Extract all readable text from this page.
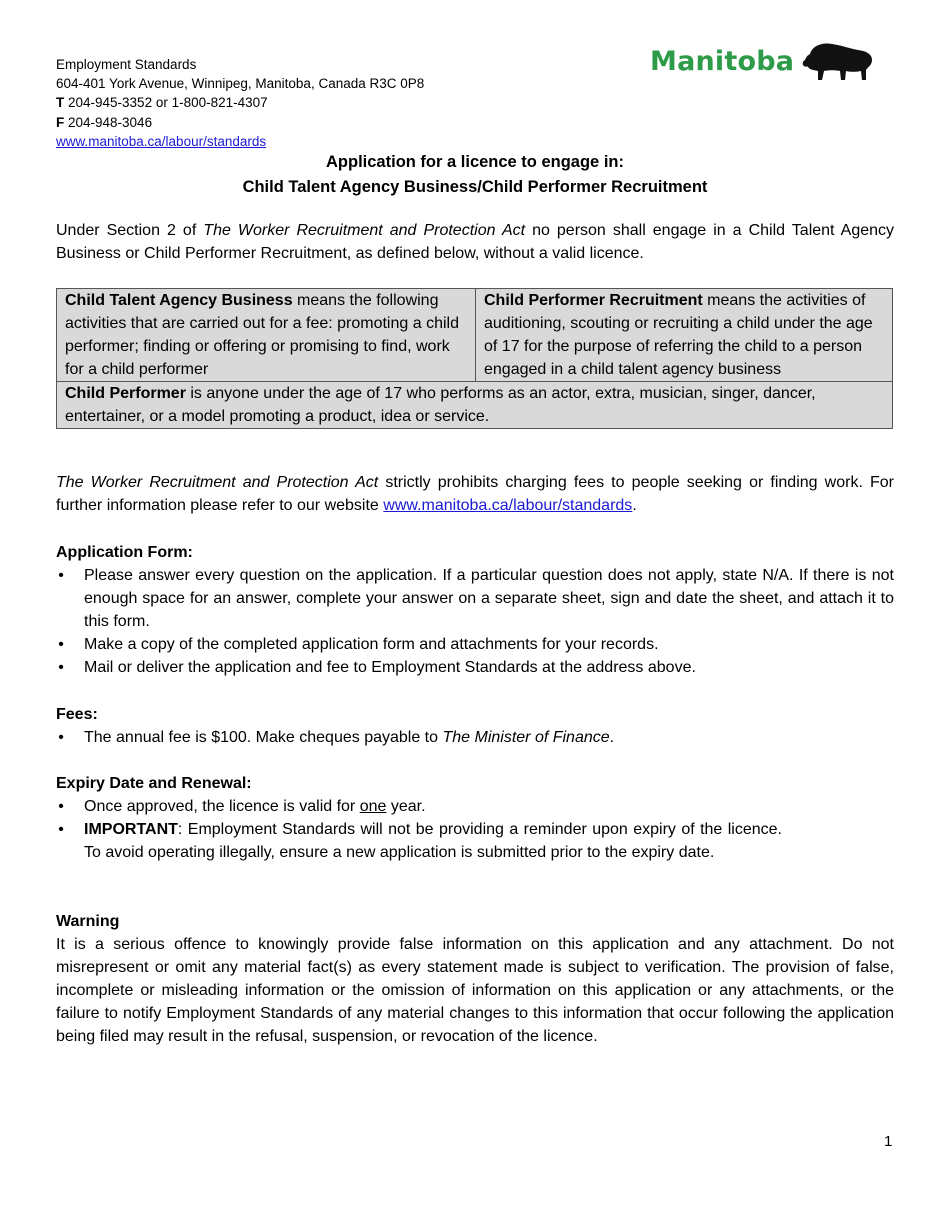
Employment Standards
604-401 York Avenue, Winnipeg, Manitoba, Canada R3C 0P8
T 204-945-3352 or 1-800-821-4307
F 204-948-3046
www.manitoba.ca/labour/standards
Manitoba
Application for a licence to engage in:
Child Talent Agency Business/Child Performer Recruitment
Under Section 2 of The Worker Recruitment and Protection Act no person shall engage in a Child Talent Agency Business or Child Performer Recruitment, as defined below, without a valid licence.
Child Talent Agency Business means the following activities that are carried out for a fee: promoting a child performer; finding or offering or promising to find, work for a child performer	Child Performer Recruitment means the activities of auditioning, scouting or recruiting a child under the age of 17 for the purpose of referring the child to a person engaged in a child talent agency business
Child Performer is anyone under the age of 17 who performs as an actor, extra, musician, singer, dancer, entertainer, or a model promoting a product, idea or service.
The Worker Recruitment and Protection Act strictly prohibits charging fees to people seeking or finding work. For further information please refer to our website www.manitoba.ca/labour/standards.
Application Form:
• Please answer every question on the application. If a particular question does not apply, state N/A. If there is not enough space for an answer, complete your answer on a separate sheet, sign and date the sheet, and attach it to this form.
• Make a copy of the completed application form and attachments for your records.
• Mail or deliver the application and fee to Employment Standards at the address above.
Fees:
• The annual fee is $100. Make cheques payable to The Minister of Finance.
Expiry Date and Renewal:
• Once approved, the licence is valid for one year.
• IMPORTANT: Employment Standards will not be providing a reminder upon expiry of the licence. To avoid operating illegally, ensure a new application is submitted prior to the expiry date.
Warning

It is a serious offence to knowingly provide false information on this application and any attachment. Do not misrepresent or omit any material fact(s) as every statement made is subject to verification. The provision of false, incomplete or misleading information or the omission of information on this application or any attachments, or the failure to notify Employment Standards of any material changes to this information that occur following the application being filed may result in the refusal, suspension, or revocation of the licence.

1
